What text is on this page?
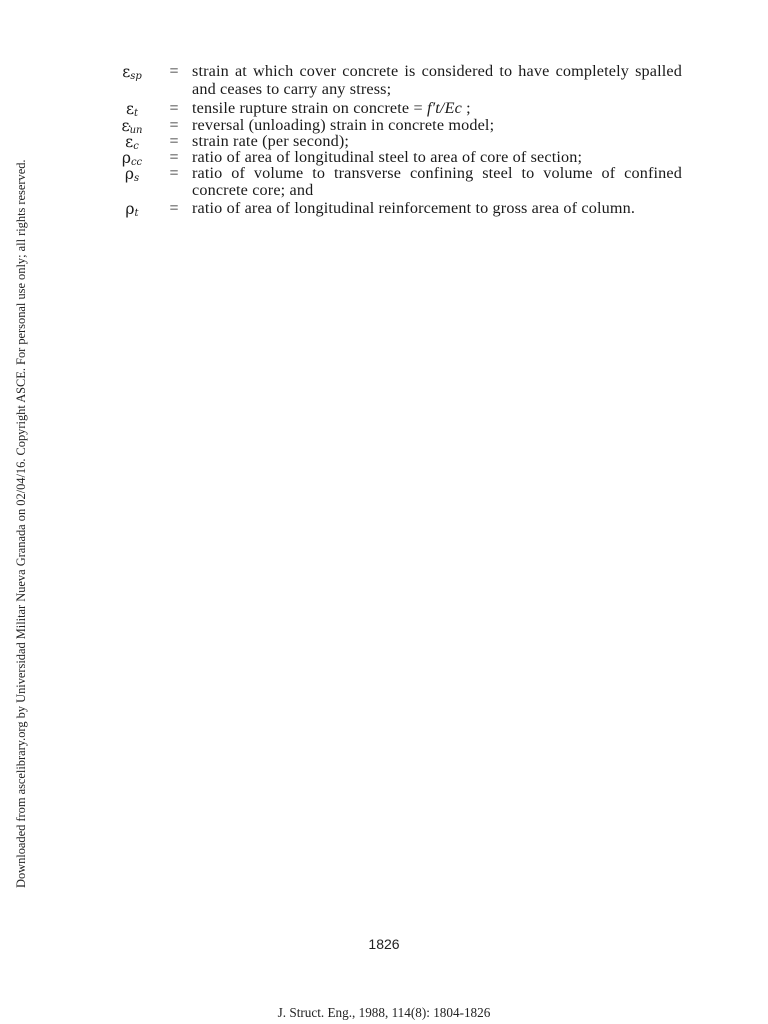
Downloaded from ascelibrary.org by Universidad Militar Nueva Granada on 02/04/16. Copyright ASCE. For personal use only; all rights reserved.
$\varepsilon_{sp}$	= strain at which cover concrete is considered to have completely spalled and ceases to carry any stress;
$\varepsilon_t$	= tensile rupture strain on concrete = f′t/Ec ;
$\varepsilon_{un}$	= reversal (unloading) strain in concrete model;
˙ $\varepsilon_c$	= strain rate (per second);
$\rho_{cc}$	= ratio of area of longitudinal steel to area of core of section;
$\rho_s$	= ratio of volume to transverse confining steel to volume of confined concrete core; and
$\rho_t$	= ratio of area of longitudinal reinforcement to gross area of column.
1826
J. Struct. Eng., 1988, 114(8): 1804-1826
